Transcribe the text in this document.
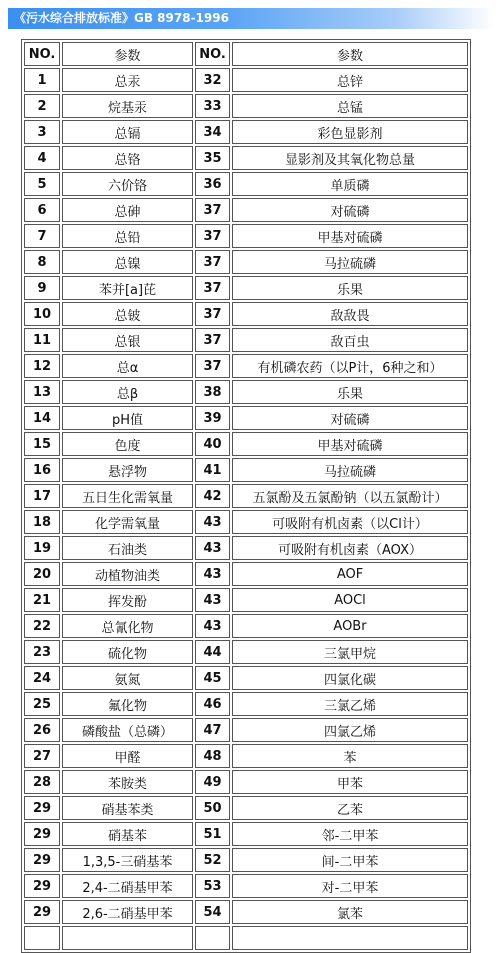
《污水综合排放标准》GB 8978-1996
NO.	参数	NO.	参数
1	总汞	32	总锌
2	烷基汞	33	总锰
3	总镉	34	彩色显影剂
4	总铬	35	显影剂及其氧化物总量
5	六价铬	36	单质磷
6	总砷	37	对硫磷
7	总铅	37	甲基对硫磷
8	总镍	37	马拉硫磷
9	苯并[a]芘	37	乐果
10	总铍	37	敌敌畏
11	总银	37	敌百虫
12	总α	37	有机磷农药（以P计，6种之和）
13	总β	38	乐果
14	pH值	39	对硫磷
15	色度	40	甲基对硫磷
16	悬浮物	41	马拉硫磷
17	五日生化需氧量	42	五氯酚及五氯酚钠（以五氯酚计）
18	化学需氧量	43	可吸附有机卤素（以Cl计）
19	石油类	43	可吸附有机卤素（AOX）
20	动植物油类	43	AOF
21	挥发酚	43	AOCl
22	总氰化物	43	AOBr
23	硫化物	44	三氯甲烷
24	氨氮	45	四氯化碳
25	氟化物	46	三氯乙烯
26	磷酸盐（总磷）	47	四氯乙烯
27	甲醛	48	苯
28	苯胺类	49	甲苯
29	硝基苯类	50	乙苯
29	硝基苯	51	邻-二甲苯
29	1,3,5-三硝基苯	52	间-二甲苯
29	2,4-二硝基甲苯	53	对-二甲苯
29	2,6-二硝基甲苯	54	氯苯
